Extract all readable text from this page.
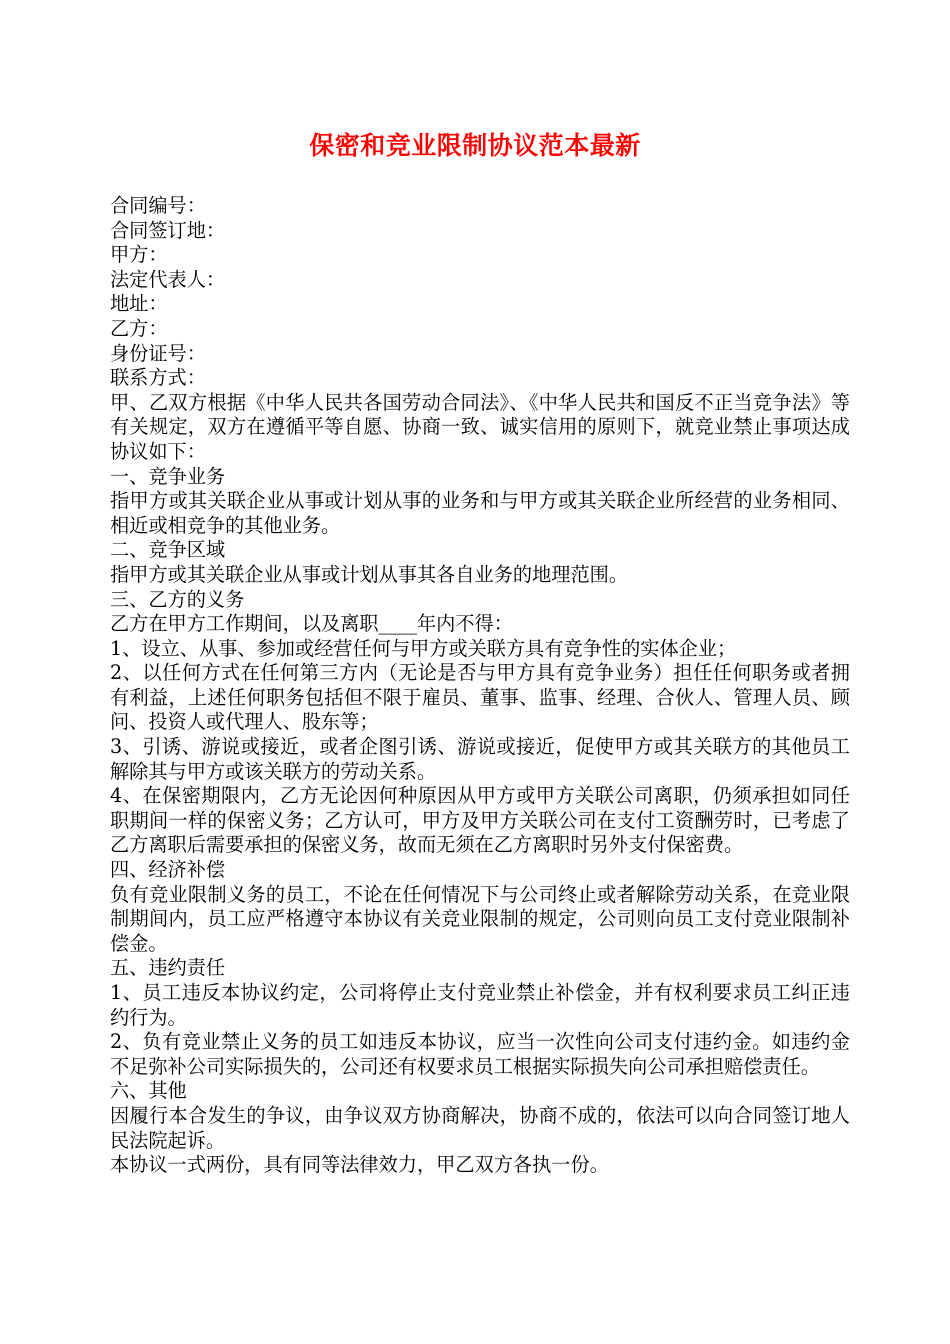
保密和竞业限制协议范本最新

合同编号：

合同签订地：

甲方：

法定代表人：

地址：

乙方：

身份证号：

联系方式：

甲、乙双方根据《中华人民共各国劳动合同法》、《中华人民共和国反不正当竞争法》等有关规定，双方在遵循平等自愿、协商一致、诚实信用的原则下，就竞业禁止事项达成协议如下：

一、竞争业务

指甲方或其关联企业从事或计划从事的业务和与甲方或其关联企业所经营的业务相同、相近或相竞争的其他业务。

二、竞争区域

指甲方或其关联企业从事或计划从事其各自业务的地理范围。

三、乙方的义务

乙方在甲方工作期间，以及离职____年内不得：

1、设立、从事、参加或经营任何与甲方或关联方具有竞争性的实体企业；

2、以任何方式在任何第三方内（无论是否与甲方具有竞争业务）担任任何职务或者拥有利益，上述任何职务包括但不限于雇员、董事、监事、经理、合伙人、管理人员、顾问、投资人或代理人、股东等；

3、引诱、游说或接近，或者企图引诱、游说或接近，促使甲方或其关联方的其他员工解除其与甲方或该关联方的劳动关系。

4、在保密期限内，乙方无论因何种原因从甲方或甲方关联公司离职，仍须承担如同任职期间一样的保密义务；乙方认可，甲方及甲方关联公司在支付工资酬劳时，已考虑了乙方离职后需要承担的保密义务，故而无须在乙方离职时另外支付保密费。

四、经济补偿

负有竞业限制义务的员工，不论在任何情况下与公司终止或者解除劳动关系，在竞业限制期间内，员工应严格遵守本协议有关竞业限制的规定，公司则向员工支付竞业限制补偿金。

五、违约责任

1、员工违反本协议约定，公司将停止支付竞业禁止补偿金，并有权利要求员工纠正违约行为。

2、负有竞业禁止义务的员工如违反本协议，应当一次性向公司支付违约金。如违约金不足弥补公司实际损失的，公司还有权要求员工根据实际损失向公司承担赔偿责任。

六、其他

因履行本合发生的争议，由争议双方协商解决，协商不成的，依法可以向合同签订地人民法院起诉。

本协议一式两份，具有同等法律效力，甲乙双方各执一份。
